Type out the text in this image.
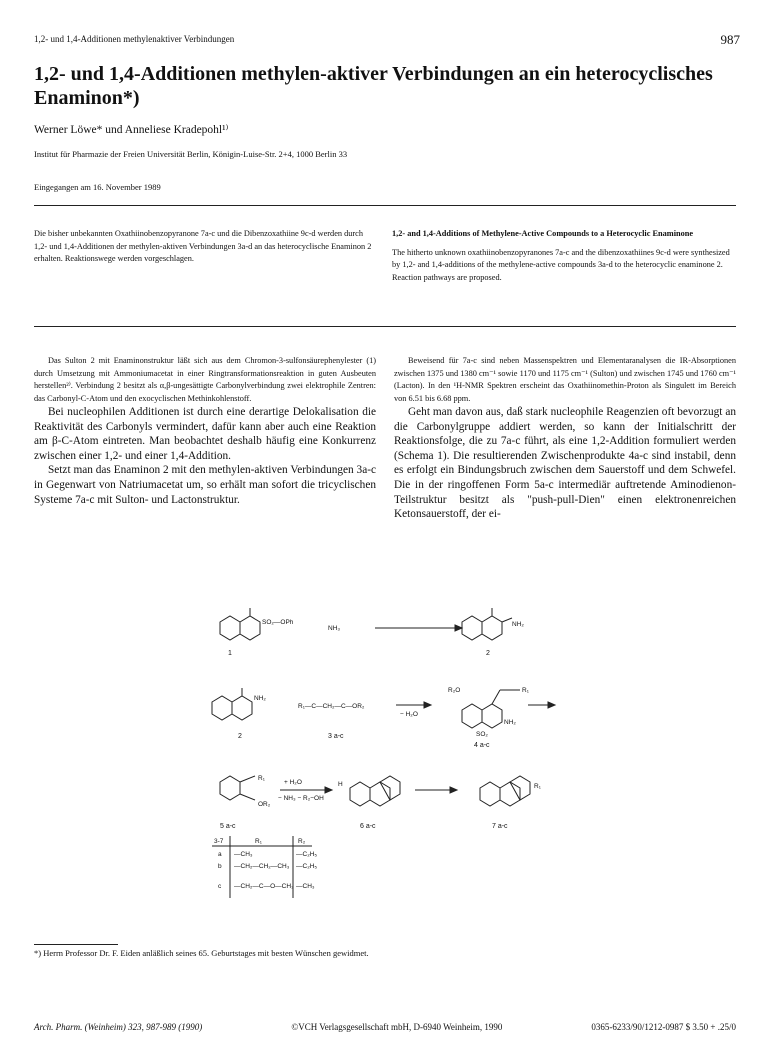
1,2- und 1,4-Additionen methylenaktiver Verbindungen	987
1,2- und 1,4-Additionen methylen-aktiver Verbindungen an ein heterocyclisches Enaminon*)
Werner Löwe* und Anneliese Kradepohl¹⁾
Institut für Pharmazie der Freien Universität Berlin, Königin-Luise-Str. 2+4, 1000 Berlin 33
Eingegangen am 16. November 1989
Die bisher unbekannten Oxathiinobenzopyranone 7a-c und die Dibenzoxathiine 9c-d werden durch 1,2- und 1,4-Additionen der methylen-aktiven Verbindungen 3a-d an das heterocyclische Enaminon 2 erhalten. Reaktionswege werden vorgeschlagen.
1,2- and 1,4-Additions of Methylene-Active Compounds to a Heterocyclic Enaminone
The hitherto unknown oxathiinobenzopyranones 7a-c and the dibenzoxathiines 9c-d were synthesized by 1,2- and 1,4-additions of the methylene-active compounds 3a-d to the heterocyclic enaminone 2. Reaction pathways are proposed.

Das Sulton 2 mit Enaminonstruktur läßt sich aus dem Chromon-3-sulfonsäurephenylester (1) durch Umsetzung mit Ammoniumacetat in einer Ringtransformationsreaktion in guten Ausbeuten herstellen²⁾. Verbindung 2 besitzt als α,β-ungesättigte Carbonylverbindung zwei elektrophile Zentren: das Carbonyl-C-Atom und den exocyclischen Methinkohlenstoff.

Bei nucleophilen Additionen ist durch eine derartige Delokalisation die Reaktivität des Carbonyls vermindert, dafür kann aber auch eine Reaktion am β-C-Atom eintreten. Man beobachtet deshalb häufig eine Konkurrenz zwischen einer 1,2- und einer 1,4-Addition.

Setzt man das Enaminon 2 mit den methylen-aktiven Verbindungen 3a-c in Gegenwart von Natriumacetat um, so erhält man sofort die tricyclischen Systeme 7a-c mit Sulton- und Lactonstruktur.

Beweisend für 7a-c sind neben Massenspektren und Elementaranalysen die IR-Absorptionen zwischen 1375 und 1380 cm⁻¹ sowie 1170 und 1175 cm⁻¹ (Sulton) und zwischen 1745 und 1760 cm⁻¹ (Lacton). In den ¹H-NMR Spektren erscheint das Oxathiinomethin-Proton als Singulett im Bereich von 6.51 bis 6.68 ppm.

Geht man davon aus, daß stark nucleophile Reagenzien oft bevorzugt an die Carbonylgruppe addiert werden, so kann der Initialschritt der Reaktionsfolge, die zu 7a-c führt, als eine 1,2-Addition formuliert werden (Schema 1). Die resultierenden Zwischenprodukte 4a-c sind instabil, denn es erfolgt ein Bindungsbruch zwischen dem Sauerstoff und dem Schwefel. Die in der ringoffenen Form 5a-c intermediär auftretende Aminodienon-Teilstruktur besitzt als "push-pull-Dien" einen elektronenreichen Ketonsauerstoff, der ei-

SO₂—OPh
NH₃
NH₂
1	2
NH₂
R₁—C—CH₂—C—OR₂
− H₂O
R₂O	R₁
NH₂
SO₂
2	3 a-c
4 a-c
+ H₂O
− NH₃ − R₂−OH
R₁
OR₂
H	R₁
5 a-c	6 a-c	7 a-c
3-7	R₁	R₂
a —CH₃	—C₂H₅
b —CH₂—CH₂—CH₃ —C₂H₅
c —CH₂—C—O—CH₃ —CH₃
*) Herrn Professor Dr. F. Eiden anläßlich seines 65. Geburtstages mit besten Wünschen gewidmet.
Arch. Pharm. (Weinheim) 323, 987-989 (1990)	©VCH Verlagsgesellschaft mbH, D-6940 Weinheim, 1990	0365-6233/90/1212-0987 $ 3.50 + .25/0
